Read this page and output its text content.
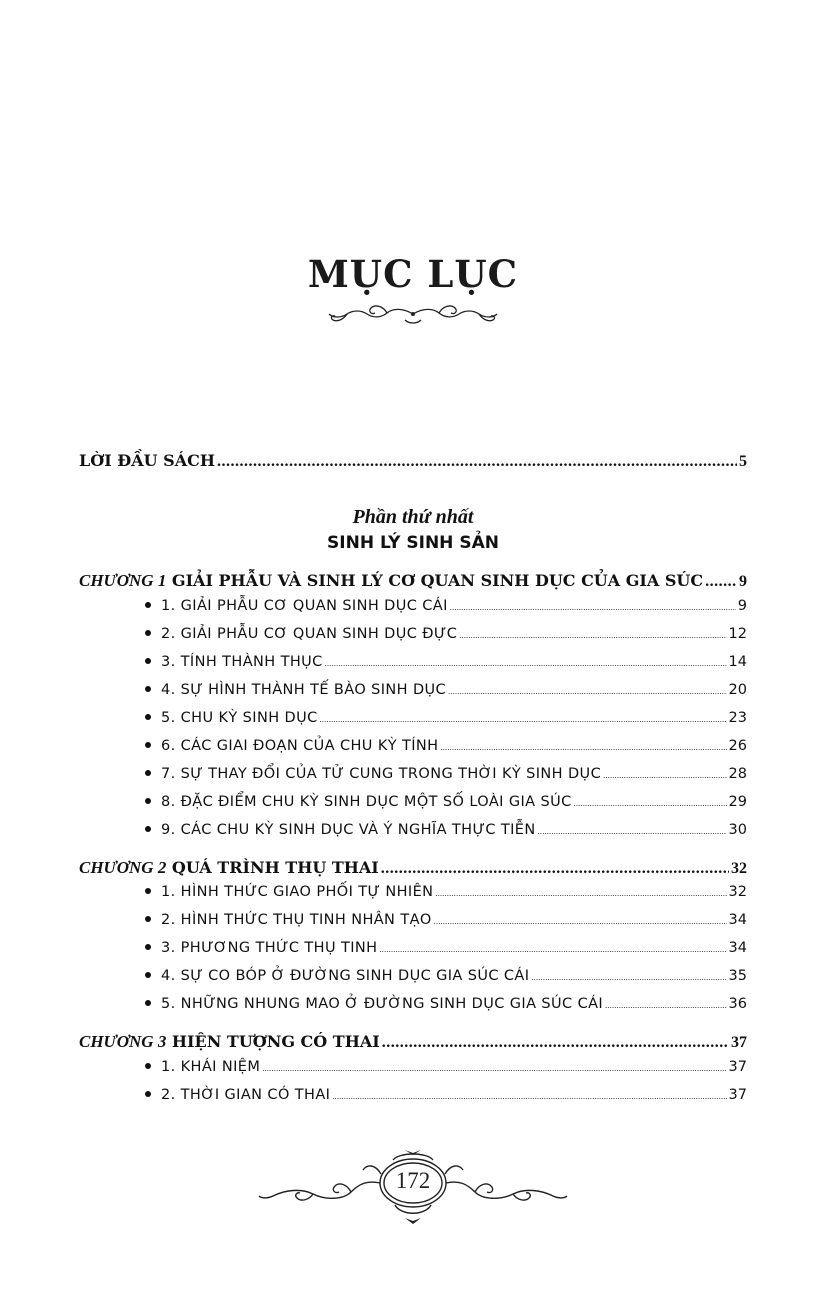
MỤC LỤC
LỜI ĐẦU SÁCH .....	5
Phần thứ nhất
SINH LÝ SINH SẢN
CHƯƠNG 1 GIẢI PHẪU VÀ SINH LÝ CƠ QUAN SINH DỤC CỦA GIA SÚC ..... 9
1. GIẢI PHẪU CƠ QUAN SINH DỤC CÁI .....	9
2. GIẢI PHẪU CƠ QUAN SINH DỤC ĐỰC .....	12
3. TÍNH THÀNH THỤC .....	14
4. SỰ HÌNH THÀNH TẾ BÀO SINH DỤC .....	20
5. CHU KỲ SINH DỤC .....	23
6. CÁC GIAI ĐOẠN CỦA CHU KỲ TÍNH .....	26
7. SỰ THAY ĐỔI CỦA TỬ CUNG TRONG THỜI KỲ SINH DỤC .....	28
8. ĐẶC ĐIỂM CHU KỲ SINH DỤC MỘT SỐ LOÀI GIA SÚC .....	29
9. CÁC CHU KỲ SINH DỤC VÀ Ý NGHĨA THỰC TIỄN .....	30
CHƯƠNG 2 QUÁ TRÌNH THỤ THAI .....	32
1. HÌNH THỨC GIAO PHỐI TỰ NHIÊN .....	32
2. HÌNH THỨC THỤ TINH NHÂN TẠO .....	34
3. PHƯƠNG THỨC THỤ TINH .....	34
4. SỰ CO BÓP Ở ĐƯỜNG SINH DỤC GIA SÚC CÁI .....	35
5. NHỮNG NHUNG MAO Ở ĐƯỜNG SINH DỤC GIA SÚC CÁI .....	36
CHƯƠNG 3 HIỆN TƯỢNG CÓ THAI .....	37
1. KHÁI NIỆM .....	37
2. THỜI GIAN CÓ THAI .....	37
172
